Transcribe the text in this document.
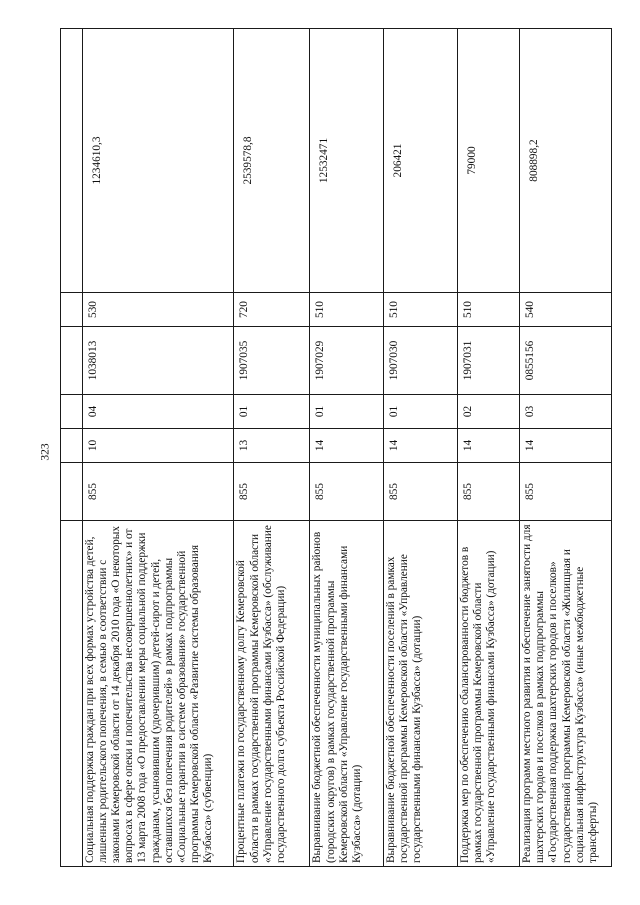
323

Социальная поддержка граждан при всех формах устройства детей, лишенных родительского попечения, в семью в соответствии с законами Кемеровской области от 14 декабря 2010 года «О некоторых вопросах в сфере опеки и попечительства несовершеннолетних» и от 13 марта 2008 года «О предоставлении меры социальной поддержки гражданам, усыновившим (удочерившим) детей-сирот и детей, оставшихся без попечения родителей» в рамках подпрограммы «Социальные гарантии в системе образования» государственной программы Кемеровской области «Развитие системы образования Кузбасса» (субвенции)	855	10	04	1038013	530	1234610,3
Процентные платежи по государственному долгу Кемеровской области в рамках государственной программы Кемеровской области «Управление государственными финансами Кузбасса» (обслуживание государственного долга субъекта Российской Федерации)	855	13	01	1907035	720	2539578,8
Выравнивание бюджетной обеспеченности муниципальных районов (городских округов) в рамках государственной программы Кемеровской области «Управление государственными финансами Кузбасса» (дотации)	855	14	01	1907029	510	12532471
Выравнивание бюджетной обеспеченности поселений в рамках государственной программы Кемеровской области «Управление государственными финансами Кузбасса» (дотации)	855	14	01	1907030	510	206421
Поддержка мер по обеспечению сбалансированности бюджетов в рамках государственной программы Кемеровской области «Управление государственными финансами Кузбасса» (дотации)	855	14	02	1907031	510	79000
Реализация программ местного развития и обеспечение занятости для шахтерских городов и поселков в рамках подпрограммы «Государственная поддержка шахтерских городов и поселков» государственной программы Кемеровской области «Жилищная и социальная инфраструктура Кузбасса» (иные межбюджетные трансферты)	855	14	03	0855156	540	808898,2
